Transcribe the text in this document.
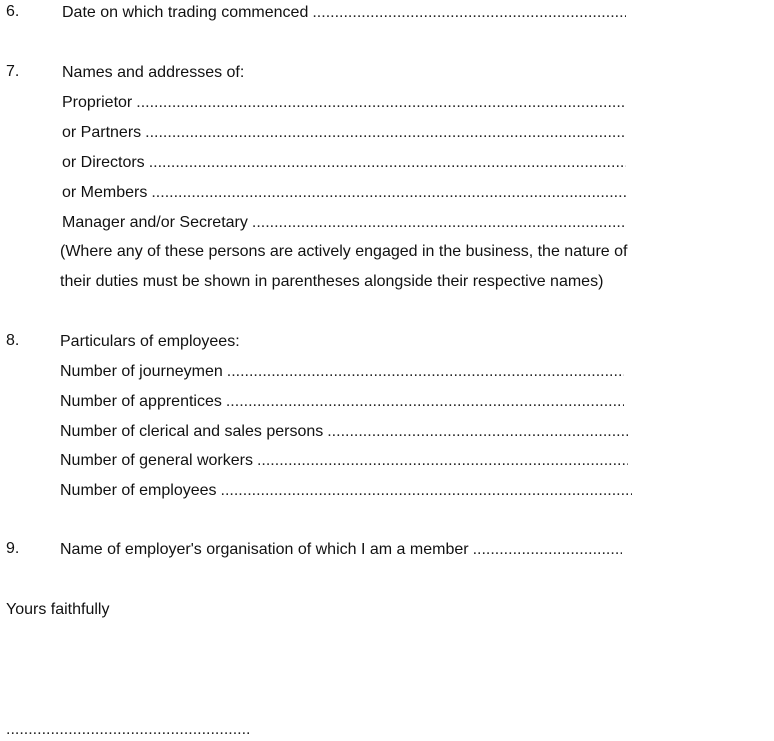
6.	Date on which trading commenced
.....
7.	Names and addresses of:
Proprietor
.....
or Partners
.....
or Directors
.....
or Members
.....
Manager and/or Secretary
.....
(Where any of these persons are actively engaged in the business, the nature of
their duties must be shown in parentheses alongside their respective names)
8.	Particulars of employees:
Number of journeymen
.....
Number of apprentices
.....
Number of clerical and sales persons
.....
Number of general workers
.....
Number of employees
.....
9.	Name of employer's organisation of which I am a member
.....
Yours faithfully
.....
